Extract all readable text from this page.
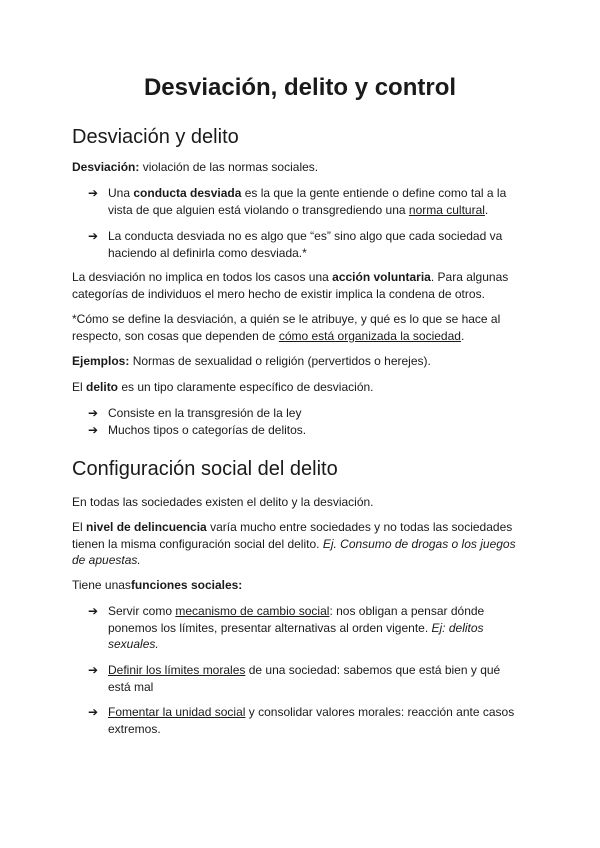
Desviación, delito y control
Desviación y delito

Desviación: violación de las normas sociales.

➔ Una conducta desviada es la que la gente entiende o define como tal a la vista de que alguien está violando o transgrediendo una norma cultural.
➔ La conducta desviada no es algo que “es” sino algo que cada sociedad va haciendo al definirla como desviada.*

La desviación no implica en todos los casos una acción voluntaria. Para algunas categorías de individuos el mero hecho de existir implica la condena de otros.

*Cómo se define la desviación, a quién se le atribuye, y qué es lo que se hace al respecto, son cosas que dependen de cómo está organizada la sociedad.

Ejemplos: Normas de sexualidad o religión (pervertidos o herejes).

El delito es un tipo claramente específico de desviación.

➔ Consiste en la transgresión de la ley
➔ Muchos tipos o categorías de delitos.
Configuración social del delito

En todas las sociedades existen el delito y la desviación.

El nivel de delincuencia varía mucho entre sociedades y no todas las sociedades tienen la misma configuración social del delito. Ej. Consumo de drogas o los juegos de apuestas.

Tiene unasfunciones sociales:

➔ Servir como mecanismo de cambio social: nos obligan a pensar dónde ponemos los límites, presentar alternativas al orden vigente. Ej: delitos sexuales.
➔ Definir los límites morales de una sociedad: sabemos que está bien y qué está mal
➔ Fomentar la unidad social y consolidar valores morales: reacción ante casos extremos.
